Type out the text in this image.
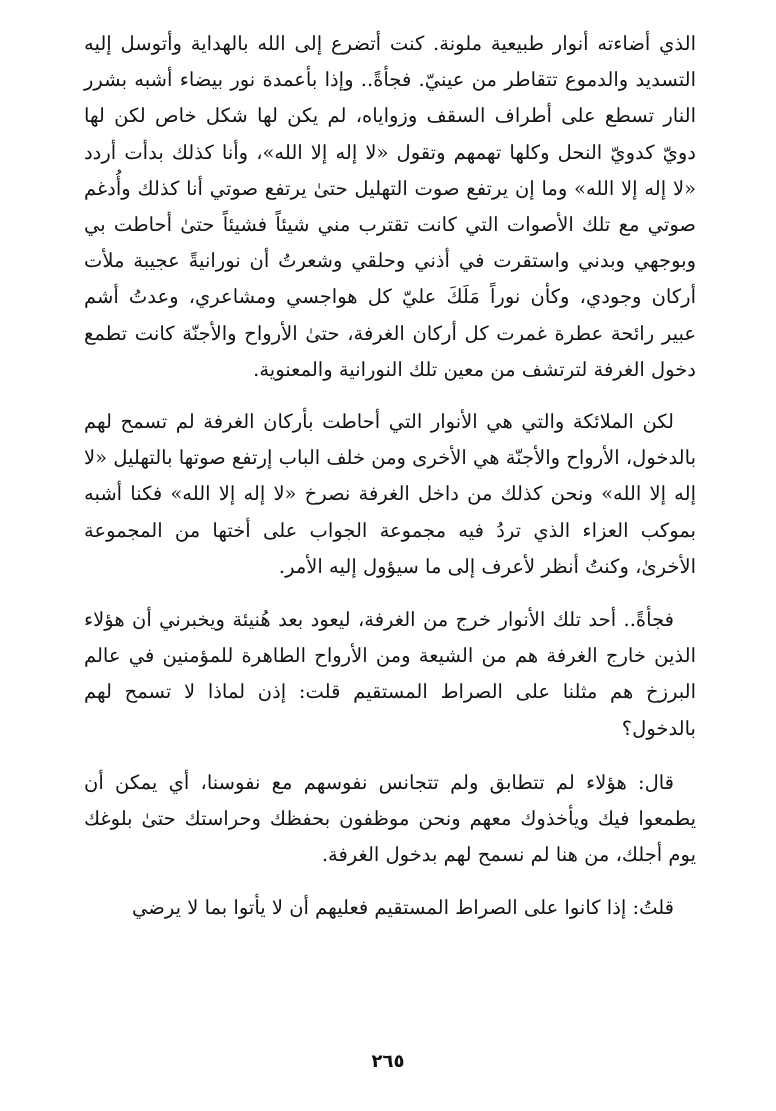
الذي أضاءته أنوار طبيعية ملونة. كنت أتضرع إلى الله بالهداية وأتوسل إليه التسديد والدموع تتقاطر من عينيّ. فجأةً.. وإذا بأعمدة نور بيضاء أشبه بشرر النار تسطع على أطراف السقف وزواياه، لم يكن لها شكل خاص لكن لها دويّ كدويّ النحل وكلها تهمهم وتقول «لا إله إلا الله»، وأنا كذلك بدأت أردد «لا إله إلا الله» وما إن يرتفع صوت التهليل حتىٰ يرتفع صوتي أنا كذلك وأُدغم صوتي مع تلك الأصوات التي كانت تقترب مني شيئاً فشيئاً حتىٰ أحاطت بي وبوجهي وبدني واستقرت في أذني وحلقي وشعرتُ أن نورانيةً عجيبة ملأت أركان وجودي، وكأن نوراً مَلَكَ عليّ كل هواجسي ومشاعري، وعدتُ أشم عبير رائحة عطرة غمرت كل أركان الغرفة، حتىٰ الأرواح والأجنّة كانت تطمع دخول الغرفة لترتشف من معين تلك النورانية والمعنوية.

لكن الملائكة والتي هي الأنوار التي أحاطت بأركان الغرفة لم تسمح لهم بالدخول، الأرواح والأجنّة هي الأخرى ومن خلف الباب إرتفع صوتها بالتهليل «لا إله إلا الله» ونحن كذلك من داخل الغرفة نصرخ «لا إله إلا الله» فكنا أشبه بموكب العزاء الذي تردُ فيه مجموعة الجواب على أختها من المجموعة الأخرىٰ، وكنتُ أنظر لأعرف إلى ما سيؤول إليه الأمر.

فجأةً.. أحد تلك الأنوار خرج من الغرفة، ليعود بعد هُنيئة ويخبرني أن هؤلاء الذين خارج الغرفة هم من الشيعة ومن الأرواح الطاهرة للمؤمنين في عالم البرزخ هم مثلنا على الصراط المستقيم قلت: إذن لماذا لا تسمح لهم بالدخول؟

قال: هؤلاء لم تتطابق ولم تتجانس نفوسهم مع نفوسنا، أي يمكن أن يطمعوا فيك ويأخذوك معهم ونحن موظفون بحفظك وحراستك حتىٰ بلوغك يوم أجلك، من هنا لم نسمح لهم بدخول الغرفة.

قلتُ: إذا كانوا على الصراط المستقيم فعليهم أن لا يأتوا بما لا يرضي

٢٦٥
